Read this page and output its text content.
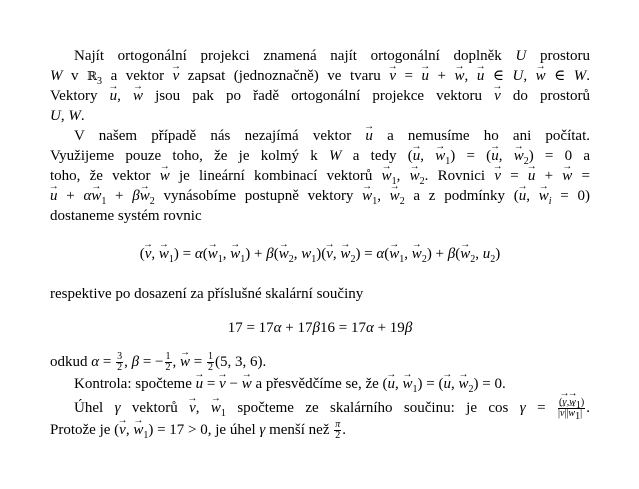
Najít ortogonální projekci znamená najít ortogonální doplněk U prostoru
W v ℝ$_3$ a vektor → v zapsat (jednoznačně) ve tvaru → v = → u + → w, → u ∈ U, → w ∈ W.
Vektory → u, → w jsou pak po řadě ortogonální projekce vektoru → v do prostorů
U, W.
V našem případě nás nezajímá vektor → u a nemusíme ho ani počítat.
Využijeme pouze toho, že je kolmý k W a tedy (→ u, → $w_1$) = (→ u, → $w_2) = 0$ a
toho, že vektor → w je lineární kombinací vektorů → $w_1$, → $w_2$. Rovnici → v = → u + → w =
→ $u + \alpha\to w_1 + \beta\to w_2$ vynásobíme postupně vektory → $w_1$, → $w_2$ a z podmínky (→ u, → $w_i = 0$)
dostaneme systém rovnic
(→ v, → $w_1) = \alpha(\to w_1$, → $w_1) + \beta(\to w_2$, $w_1)(\to v$, → $w_2) = \alpha(\to w_1$, → $w_2) + \beta(\to w_2$, $u_2$)
respektive po dosazení za příslušné skalární součiny
17 = 17α + 17β16 = 17α + 19β
odkud $\alpha = \frac{3}{2}$ , β = − $\frac{1}{2}$ , → $w = \frac{1}{2} (5$, 3, 6).
Kontrola: spočteme → u = → v − → w a přesvědčíme se, že (→ u, → $w_1$) = (→ u, → $w_2) = 0$.
Úhel γ vektorů → v, → $w_1$ spočteme ze skalárního součinu: je $\cos \gamma = \frac{(\to v,\to w_1)}{|\to v||\to w_1|}$ .
Protože je (→ v, → $w_1) = 17 > 0$, je úhel γ menší než $\frac{\pi}{2}$ .
